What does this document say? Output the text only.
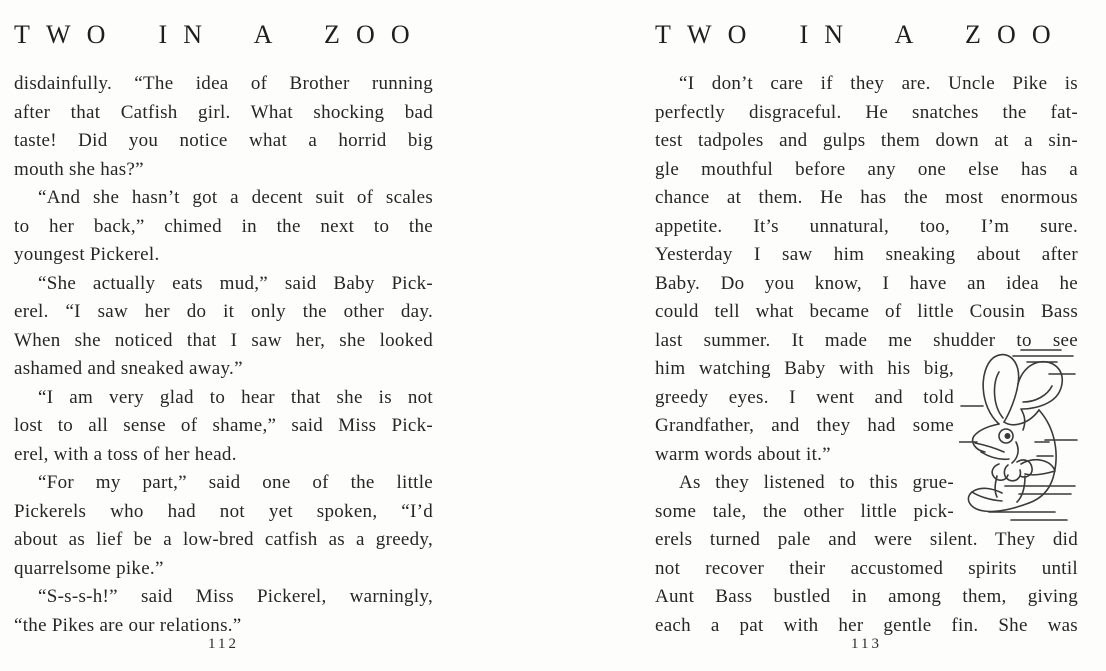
TWO IN A ZOO
disdainfully. “The idea of Brother running
after that Catfish girl. What shocking bad
taste! Did you notice what a horrid big
mouth she has?”
“And she hasn’t got a decent suit of scales
to her back,” chimed in the next to the
youngest Pickerel.
“She actually eats mud,” said Baby Pick-
erel. “I saw her do it only the other day.
When she noticed that I saw her, she looked
ashamed and sneaked away.”
“I am very glad to hear that she is not
lost to all sense of shame,” said Miss Pick-
erel, with a toss of her head.
“For my part,” said one of the little
Pickerels who had not yet spoken, “I’d
about as lief be a low-bred catfish as a greedy,
quarrelsome pike.”
“S-s-s-h!” said Miss Pickerel, warningly,
“the Pikes are our relations.”
112
TWO IN A ZOO
“I don’t care if they are. Uncle Pike is
perfectly disgraceful. He snatches the fat-
test tadpoles and gulps them down at a sin-
gle mouthful before any one else has a
chance at them. He has the most enormous
appetite. It’s unnatural, too, I’m sure.
Yesterday I saw him sneaking about after
Baby. Do you know, I have an idea he
could tell what became of little Cousin Bass
last summer. It made me shudder to see
him watching Baby with his big,
greedy eyes. I went and told
Grandfather, and they had some
warm words about it.”
As they listened to this grue-
some tale, the other little pick-
erels turned pale and were silent. They did
not recover their accustomed spirits until
Aunt Bass bustled in among them, giving
each a pat with her gentle fin. She was
113
